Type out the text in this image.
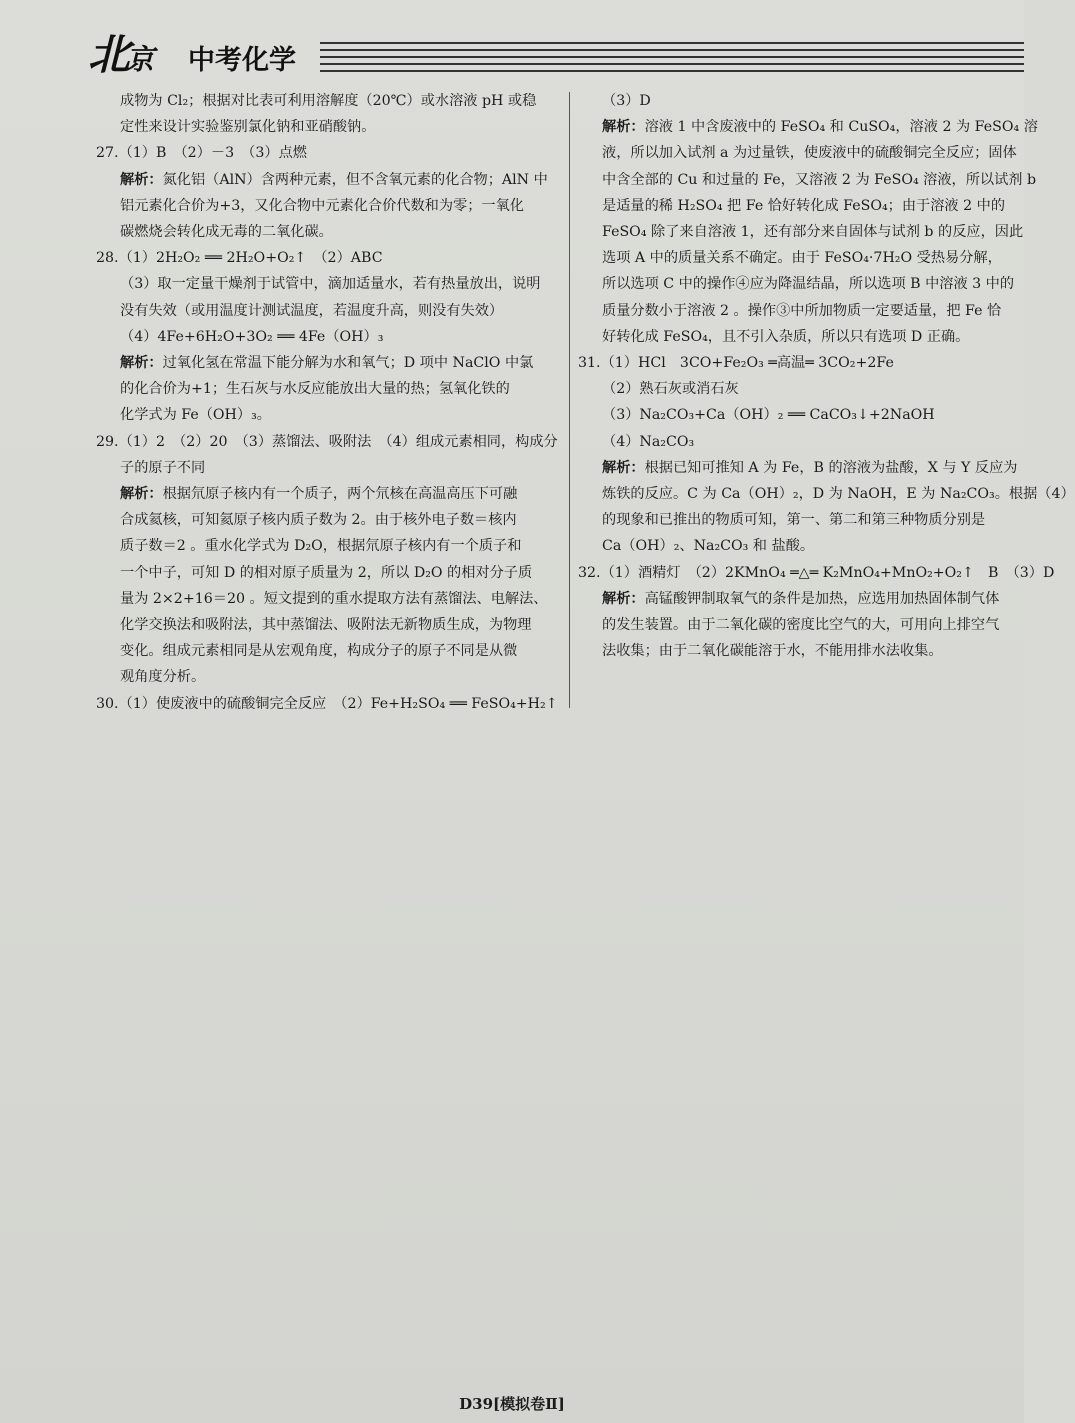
北京 中考化学
成物为 Cl₂；根据对比表可利用溶解度（20℃）或水溶液 pH 或稳
定性来设计实验鉴别氯化钠和亚硝酸钠。
27.（1）B　（2）－3　（3）点燃
解析：氮化铝（AlN）含两种元素，但不含氧元素的化合物；AlN 中
铝元素化合价为+3，又化合物中元素化合价代数和为零；一氧化
碳燃烧会转化成无毒的二氧化碳。
28.（1）2H₂O₂ ══ 2H₂O+O₂↑　（2）ABC
（3）取一定量干燥剂于试管中，滴加适量水，若有热量放出，说明
没有失效（或用温度计测试温度，若温度升高，则没有失效）
（4）4Fe+6H₂O+3O₂ ══ 4Fe（OH）₃
解析：过氧化氢在常温下能分解为水和氧气；D 项中 NaClO 中氯
的化合价为+1；生石灰与水反应能放出大量的热；氢氧化铁的
化学式为 Fe（OH）₃。
29.（1）2　（2）20　（3）蒸馏法、吸附法　（4）组成元素相同，构成分
子的原子不同
解析：根据氘原子核内有一个质子，两个氘核在高温高压下可融
合成氦核，可知氦原子核内质子数为 2。由于核外电子数＝核内
质子数＝2 。重水化学式为 D₂O，根据氘原子核内有一个质子和
一个中子，可知 D 的相对原子质量为 2，所以 D₂O 的相对分子质
量为 2×2+16＝20 。短文提到的重水提取方法有蒸馏法、电解法、
化学交换法和吸附法，其中蒸馏法、吸附法无新物质生成，为物理
变化。组成元素相同是从宏观角度，构成分子的原子不同是从微
观角度分析。
30.（1）使废液中的硫酸铜完全反应　（2）Fe+H₂SO₄ ══ FeSO₄+H₂↑
（3）D
解析：溶液 1 中含废液中的 FeSO₄ 和 CuSO₄，溶液 2 为 FeSO₄ 溶
液，所以加入试剂 a 为过量铁，使废液中的硫酸铜完全反应；固体
中含全部的 Cu 和过量的 Fe，又溶液 2 为 FeSO₄ 溶液，所以试剂 b
是适量的稀 H₂SO₄ 把 Fe 恰好转化成 FeSO₄；由于溶液 2 中的
FeSO₄ 除了来自溶液 1，还有部分来自固体与试剂 b 的反应，因此
选项 A 中的质量关系不确定。由于 FeSO₄·7H₂O 受热易分解，
所以选项 C 中的操作④应为降温结晶，所以选项 B 中溶液 3 中的
质量分数小于溶液 2 。操作③中所加物质一定要适量，把 Fe 恰
好转化成 FeSO₄，且不引入杂质，所以只有选项 D 正确。
31.（1）HCl　3CO+Fe₂O₃ ═高温═ 3CO₂+2Fe
（2）熟石灰或消石灰
（3）Na₂CO₃+Ca（OH）₂ ══ CaCO₃↓+2NaOH
（4）Na₂CO₃
解析：根据已知可推知 A 为 Fe，B 的溶液为盐酸，X 与 Y 反应为
炼铁的反应。C 为 Ca（OH）₂，D 为 NaOH，E 为 Na₂CO₃。根据（4）
的现象和已推出的物质可知，第一、第二和第三种物质分别是
Ca（OH）₂、Na₂CO₃ 和 盐酸。
32.（1）酒精灯　（2）2KMnO₄ ═△═ K₂MnO₄+MnO₂+O₂↑　B　（3）D
解析：高锰酸钾制取氧气的条件是加热，应选用加热固体制气体
的发生装置。由于二氧化碳的密度比空气的大，可用向上排空气
法收集；由于二氧化碳能溶于水，不能用排水法收集。
D39[模拟卷Ⅱ]
